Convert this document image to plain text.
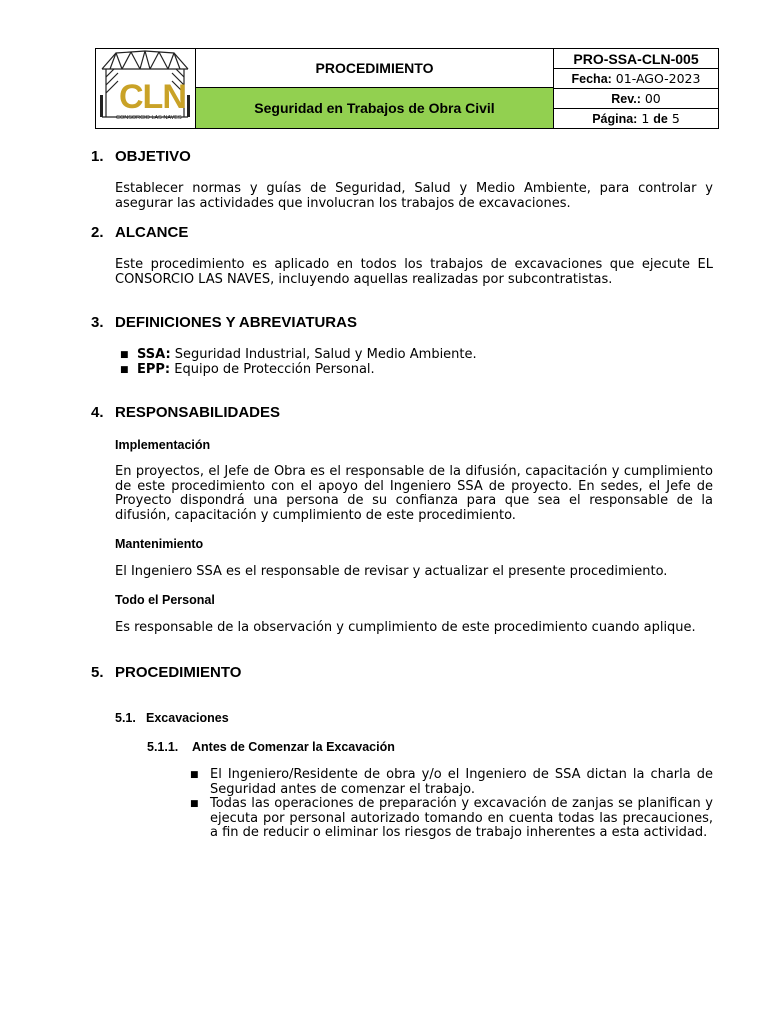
CLN
CONSORCIO LAS NAVES
PROCEDIMIENTO
Seguridad en Trabajos de Obra Civil
PRO-SSA-CLN-005
Fecha:
01-AGO-2023
Rev.:
00
Página:
1
de
5
1. OBJETIVO
Establecer normas y guías de Seguridad, Salud y Medio Ambiente, para controlar y asegurar las actividades que involucran los trabajos de excavaciones.
2. ALCANCE
Este procedimiento es aplicado en todos los trabajos de excavaciones que ejecute EL CONSORCIO LAS NAVES, incluyendo aquellas realizadas por subcontratistas.
3. DEFINICIONES Y ABREVIATURAS
■ SSA: Seguridad Industrial, Salud y Medio Ambiente.
■ EPP: Equipo de Protección Personal.
4. RESPONSABILIDADES
Implementación
En proyectos, el Jefe de Obra es el responsable de la difusión, capacitación y cumplimiento de este procedimiento con el apoyo del Ingeniero SSA de proyecto. En sedes, el Jefe de Proyecto dispondrá una persona de su confianza para que sea el responsable de la difusión, capacitación y cumplimiento de este procedimiento.
Mantenimiento
El Ingeniero SSA es el responsable de revisar y actualizar el presente procedimiento.
Todo el Personal
Es responsable de la observación y cumplimiento de este procedimiento cuando aplique.
5. PROCEDIMIENTO
5.1. Excavaciones
5.1.1. Antes de Comenzar la Excavación
■ El Ingeniero/Residente de obra y/o el Ingeniero de SSA dictan la charla de Seguridad antes de comenzar el trabajo.
■ Todas las operaciones de preparación y excavación de zanjas se planifican y ejecuta por personal autorizado tomando en cuenta todas las precauciones, a fin de reducir o eliminar los riesgos de trabajo inherentes a esta actividad.
